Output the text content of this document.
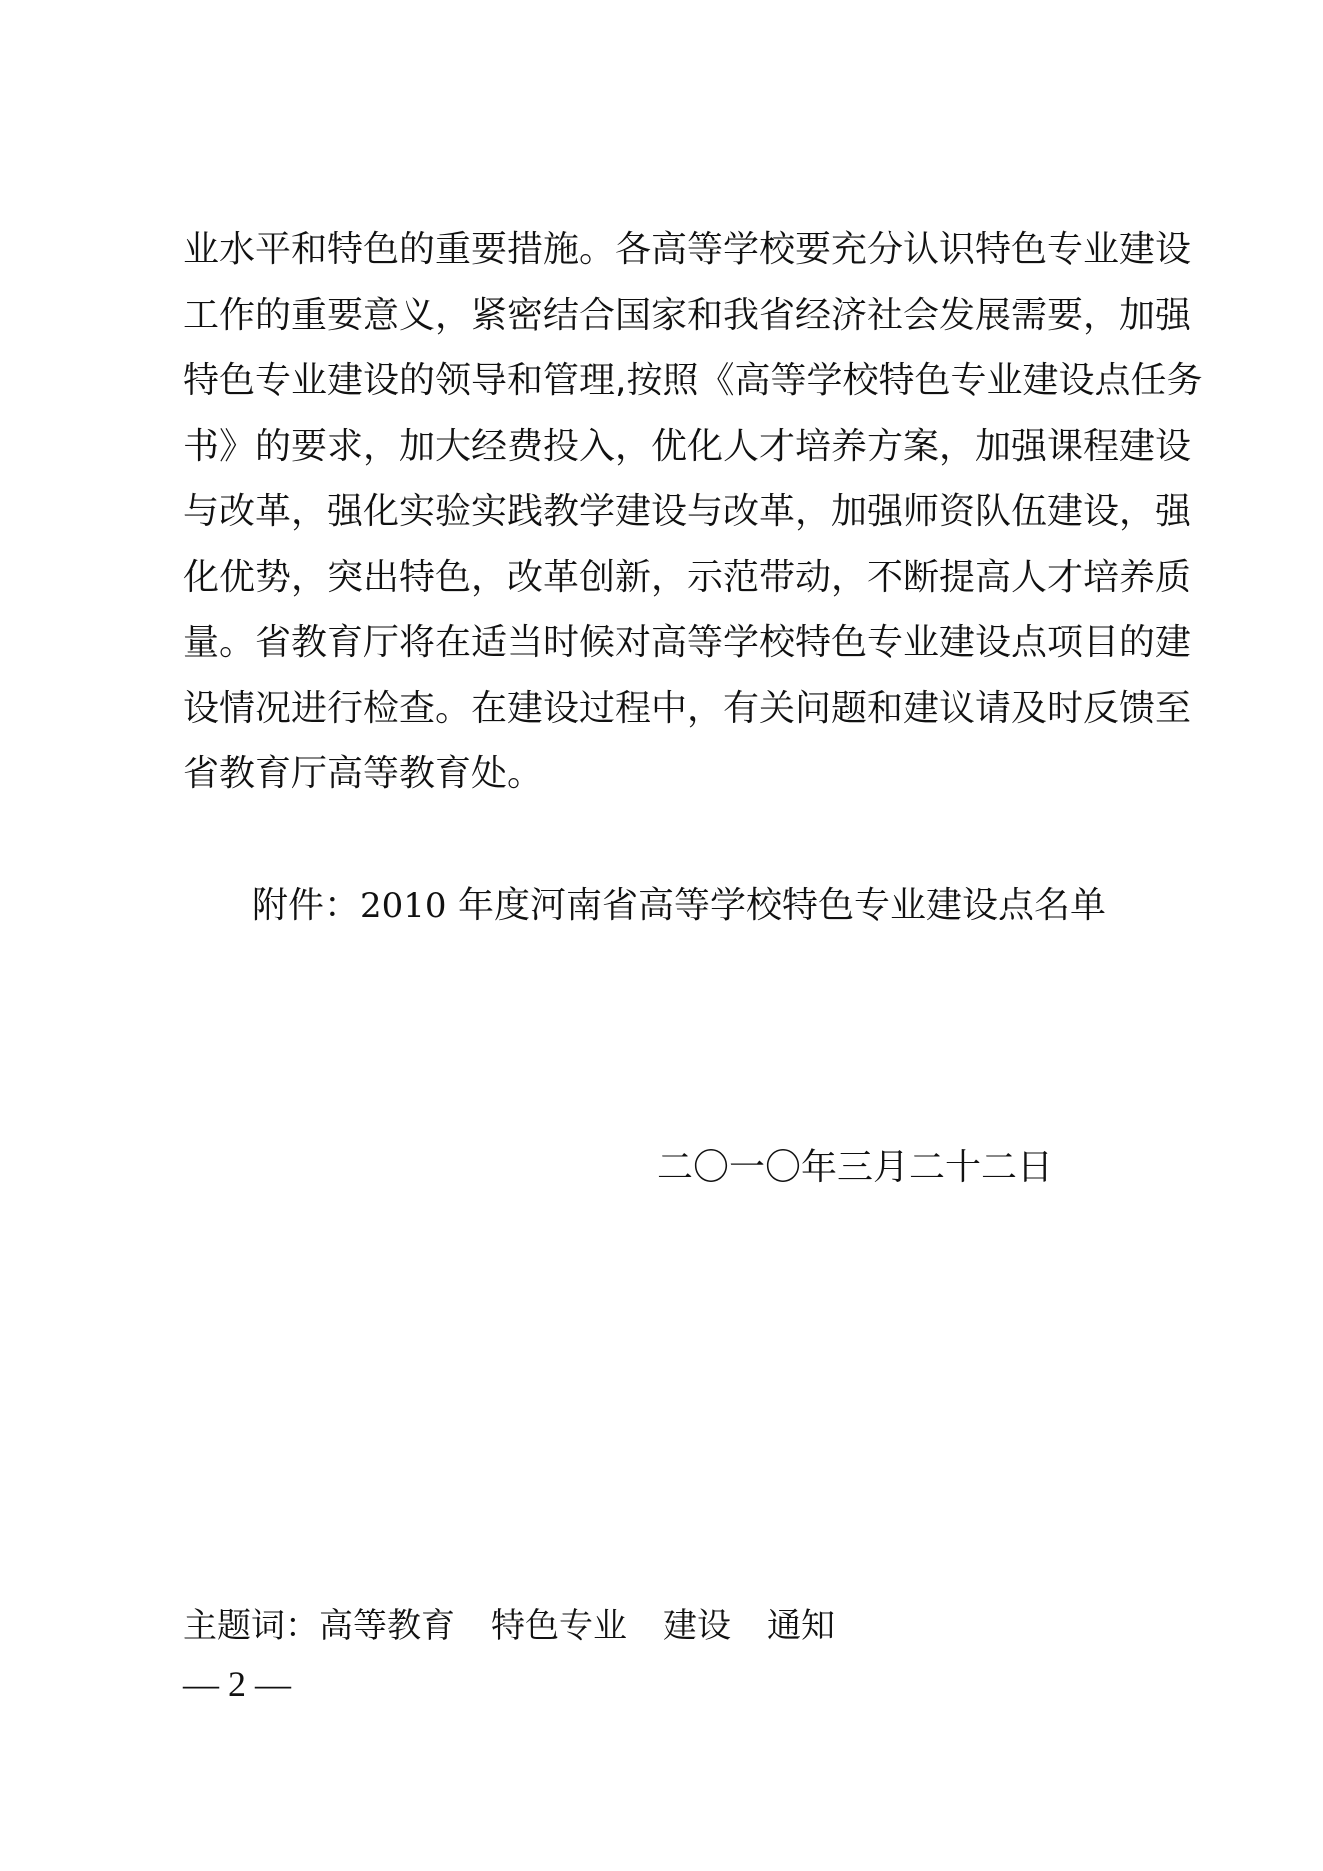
业水平和特色的重要措施。各高等学校要充分认识特色专业建设
工作的重要意义，紧密结合国家和我省经济社会发展需要，加强
特色专业建设的领导和管理,按照《高等学校特色专业建设点任务
书》的要求，加大经费投入，优化人才培养方案，加强课程建设
与改革，强化实验实践教学建设与改革，加强师资队伍建设，强
化优势，突出特色，改革创新，示范带动，不断提高人才培养质
量。省教育厅将在适当时候对高等学校特色专业建设点项目的建
设情况进行检查。在建设过程中，有关问题和建议请及时反馈至
省教育厅高等教育处。
附件：2010 年度河南省高等学校特色专业建设点名单
二〇一〇年三月二十二日
主题词：高等教育 特色专业 建设 通知
— 2 —
